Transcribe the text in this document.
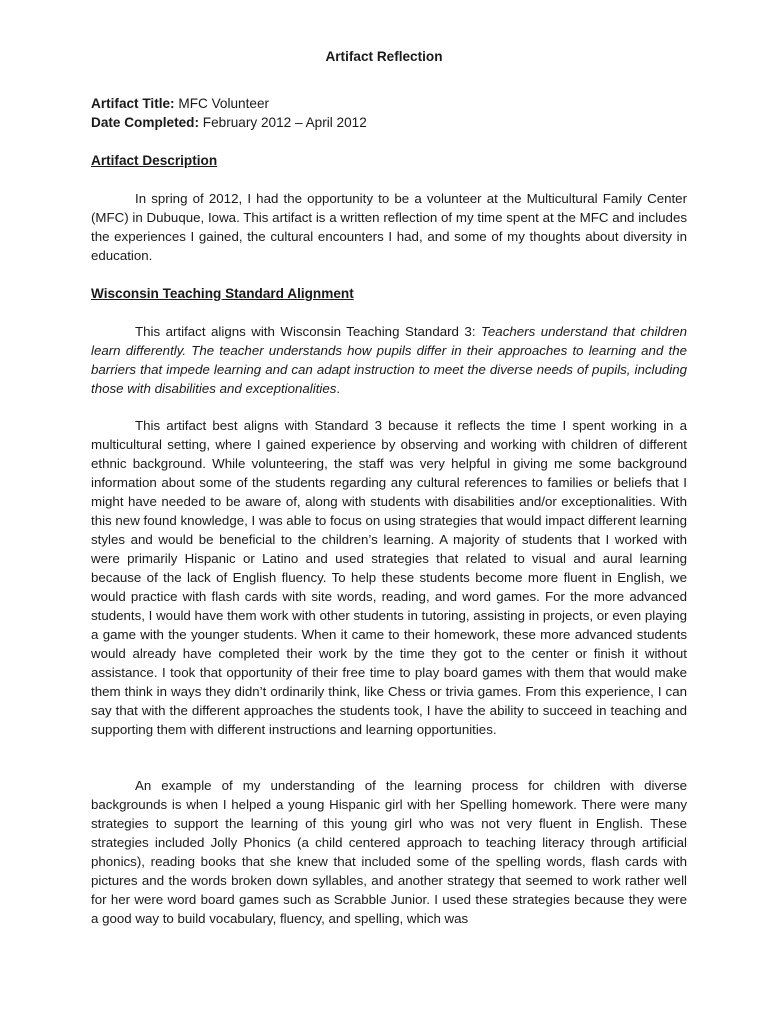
Artifact Reflection
Artifact Title: MFC Volunteer
Date Completed: February 2012 – April 2012
Artifact Description
In spring of 2012, I had the opportunity to be a volunteer at the Multicultural Family Center (MFC) in Dubuque, Iowa. This artifact is a written reflection of my time spent at the MFC and includes the experiences I gained, the cultural encounters I had, and some of my thoughts about diversity in education.
Wisconsin Teaching Standard Alignment
This artifact aligns with Wisconsin Teaching Standard 3: Teachers understand that children learn differently. The teacher understands how pupils differ in their approaches to learning and the barriers that impede learning and can adapt instruction to meet the diverse needs of pupils, including those with disabilities and exceptionalities.
This artifact best aligns with Standard 3 because it reflects the time I spent working in a multicultural setting, where I gained experience by observing and working with children of different ethnic background. While volunteering, the staff was very helpful in giving me some background information about some of the students regarding any cultural references to families or beliefs that I might have needed to be aware of, along with students with disabilities and/or exceptionalities. With this new found knowledge, I was able to focus on using strategies that would impact different learning styles and would be beneficial to the children’s learning. A majority of students that I worked with were primarily Hispanic or Latino and used strategies that related to visual and aural learning because of the lack of English fluency. To help these students become more fluent in English, we would practice with flash cards with site words, reading, and word games. For the more advanced students, I would have them work with other students in tutoring, assisting in projects, or even playing a game with the younger students. When it came to their homework, these more advanced students would already have completed their work by the time they got to the center or finish it without assistance. I took that opportunity of their free time to play board games with them that would make them think in ways they didn’t ordinarily think, like Chess or trivia games. From this experience, I can say that with the different approaches the students took, I have the ability to succeed in teaching and supporting them with different instructions and learning opportunities.
An example of my understanding of the learning process for children with diverse backgrounds is when I helped a young Hispanic girl with her Spelling homework. There were many strategies to support the learning of this young girl who was not very fluent in English. These strategies included Jolly Phonics (a child centered approach to teaching literacy through artificial phonics), reading books that she knew that included some of the spelling words, flash cards with pictures and the words broken down syllables, and another strategy that seemed to work rather well for her were word board games such as Scrabble Junior. I used these strategies because they were a good way to build vocabulary, fluency, and spelling, which was
